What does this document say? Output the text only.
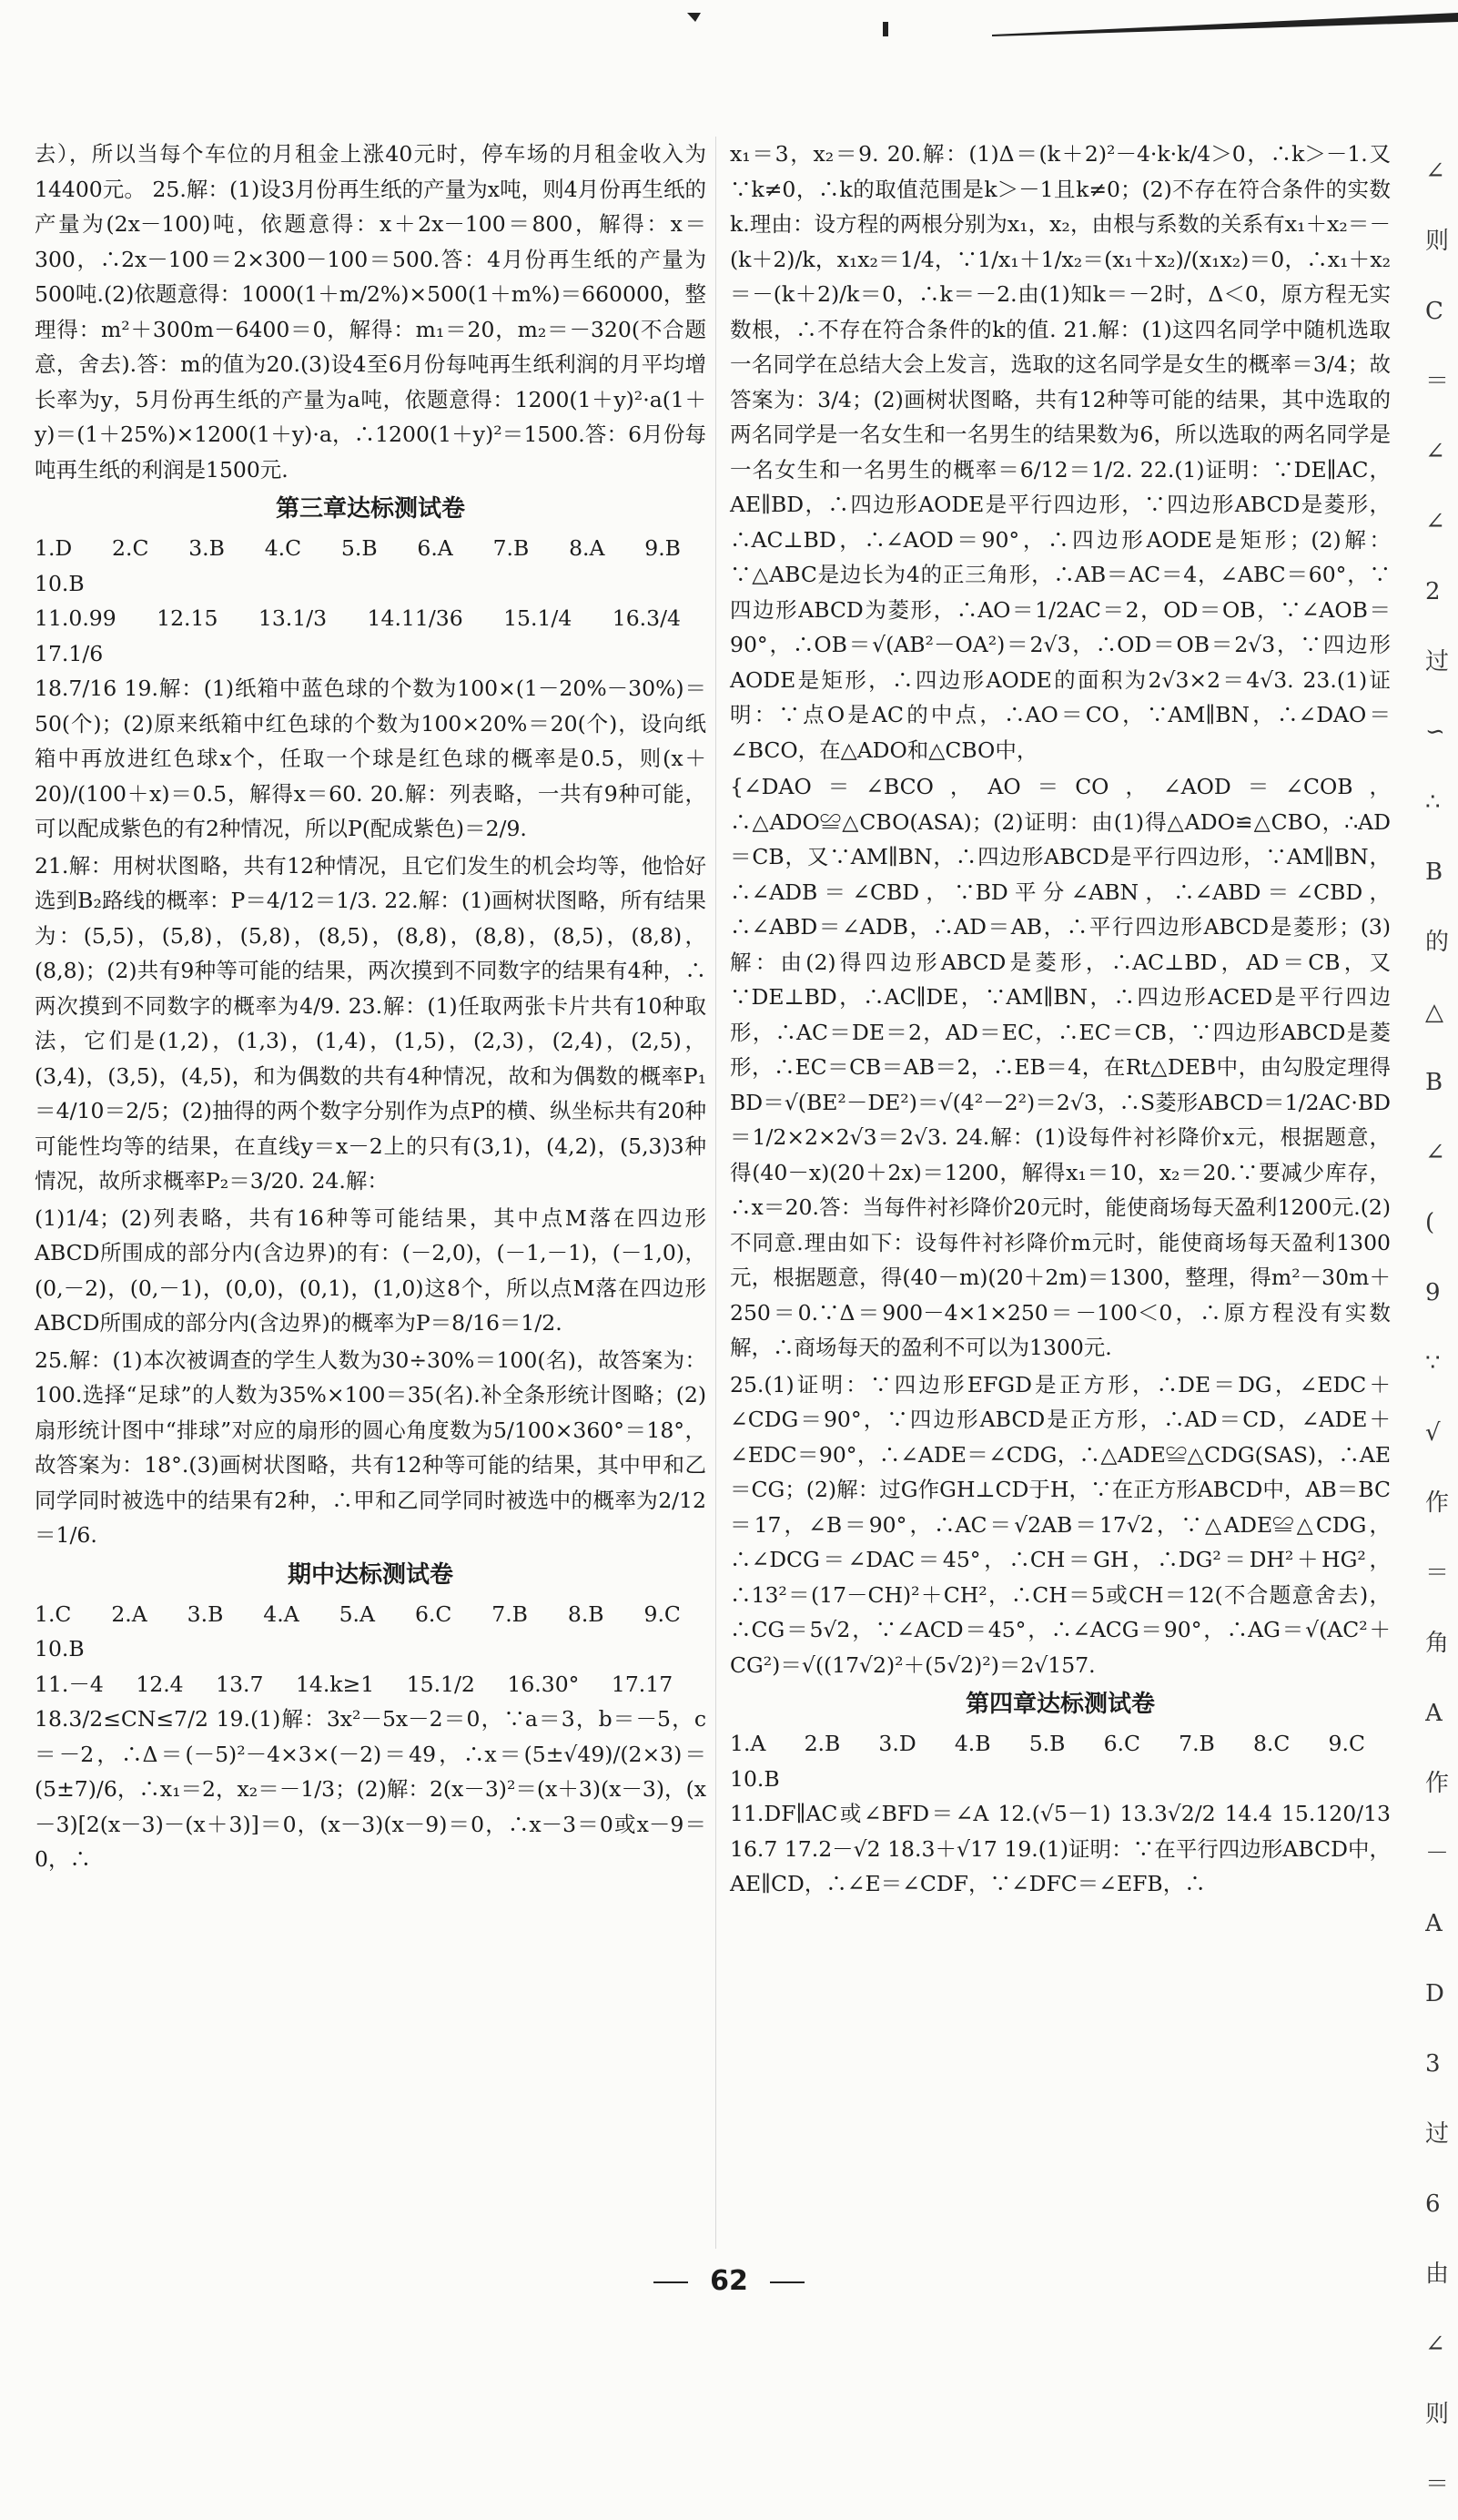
去），所以当每个车位的月租金上涨40元时，停车场的月租金收入为14400元。 25.解：(1)设3月份再生纸的产量为x吨，则4月份再生纸的产量为(2x－100)吨，依题意得：x＋2x－100＝800，解得：x＝300，∴2x－100＝2×300－100＝500.答：4月份再生纸的产量为500吨.(2)依题意得：1000(1＋m/2%)×500(1＋m%)＝660000，整理得：m²＋300m－6400＝0，解得：m₁＝20，m₂＝－320(不合题意，舍去).答：m的值为20.(3)设4至6月份每吨再生纸利润的月平均增长率为y，5月份再生纸的产量为a吨，依题意得：1200(1＋y)²·a(1＋y)＝(1＋25%)×1200(1＋y)·a，∴1200(1＋y)²＝1500.答：6月份每吨再生纸的利润是1500元.

第三章达标测试卷

1.D 2.C 3.B 4.C 5.B 6.A 7.B 8.A 9.B 10.B

11.0.99 12.15 13.1/3 14.11/36 15.1/4 16.3/4 17.1/6

18.7/16 19.解：(1)纸箱中蓝色球的个数为100×(1－20%－30%)＝50(个)；(2)原来纸箱中红色球的个数为100×20%＝20(个)，设向纸箱中再放进红色球x个，任取一个球是红色球的概率是0.5，则(x＋20)/(100＋x)＝0.5，解得x＝60. 20.解：列表略，一共有9种可能，可以配成紫色的有2种情况，所以P(配成紫色)＝2/9.

21.解：用树状图略，共有12种情况，且它们发生的机会均等，他恰好选到B₂路线的概率：P＝4/12＝1/3. 22.解：(1)画树状图略，所有结果为：(5,5)，(5,8)，(5,8)，(8,5)，(8,8)，(8,8)，(8,5)，(8,8)，(8,8)；(2)共有9种等可能的结果，两次摸到不同数字的结果有4种，∴两次摸到不同数字的概率为4/9. 23.解：(1)任取两张卡片共有10种取法，它们是(1,2)，(1,3)，(1,4)，(1,5)，(2,3)，(2,4)，(2,5)，(3,4)，(3,5)，(4,5)，和为偶数的共有4种情况，故和为偶数的概率P₁＝4/10＝2/5；(2)抽得的两个数字分别作为点P的横、纵坐标共有20种可能性均等的结果，在直线y＝x－2上的只有(3,1)，(4,2)，(5,3)3种情况，故所求概率P₂＝3/20. 24.解：

(1)1/4；(2)列表略，共有16种等可能结果，其中点M落在四边形ABCD所围成的部分内(含边界)的有：(－2,0)，(－1,－1)，(－1,0)，(0,－2)，(0,－1)，(0,0)，(0,1)，(1,0)这8个，所以点M落在四边形ABCD所围成的部分内(含边界)的概率为P＝8/16＝1/2.

25.解：(1)本次被调查的学生人数为30÷30%＝100(名)，故答案为：100.选择“足球”的人数为35%×100＝35(名).补全条形统计图略；(2)扇形统计图中“排球”对应的扇形的圆心角度数为5/100×360°＝18°，故答案为：18°.(3)画树状图略，共有12种等可能的结果，其中甲和乙同学同时被选中的结果有2种，∴甲和乙同学同时被选中的概率为2/12＝1/6.

期中达标测试卷

1.C 2.A 3.B 4.A 5.A 6.C 7.B 8.B 9.C 10.B

11.－4 12.4 13.7 14.k≥1 15.1/2 16.30° 17.17

18.3/2≤CN≤7/2 19.(1)解：3x²－5x－2＝0，∵a＝3，b＝－5，c＝－2，∴Δ＝(－5)²－4×3×(－2)＝49，∴x＝(5±√49)/(2×3)＝(5±7)/6，∴x₁＝2，x₂＝－1/3；(2)解：2(x－3)²＝(x＋3)(x－3)，(x－3)[2(x－3)－(x＋3)]＝0，(x－3)(x－9)＝0，∴x－3＝0或x－9＝0，∴

x₁＝3，x₂＝9. 20.解：(1)Δ＝(k＋2)²－4·k·k/4＞0，∴k＞－1.又∵k≠0，∴k的取值范围是k＞－1且k≠0；(2)不存在符合条件的实数k.理由：设方程的两根分别为x₁，x₂，由根与系数的关系有x₁＋x₂＝－(k＋2)/k，x₁x₂＝1/4，∵1/x₁＋1/x₂＝(x₁＋x₂)/(x₁x₂)＝0，∴x₁＋x₂＝－(k＋2)/k＝0，∴k＝－2.由(1)知k＝－2时，Δ＜0，原方程无实数根，∴不存在符合条件的k的值. 21.解：(1)这四名同学中随机选取一名同学在总结大会上发言，选取的这名同学是女生的概率＝3/4；故答案为：3/4；(2)画树状图略，共有12种等可能的结果，其中选取的两名同学是一名女生和一名男生的结果数为6，所以选取的两名同学是一名女生和一名男生的概率＝6/12＝1/2. 22.(1)证明：∵DE∥AC，AE∥BD，∴四边形AODE是平行四边形，∵四边形ABCD是菱形，∴AC⊥BD，∴∠AOD＝90°，∴四边形AODE是矩形；(2)解：∵△ABC是边长为4的正三角形，∴AB＝AC＝4，∠ABC＝60°，∵四边形ABCD为菱形，∴AO＝1/2AC＝2，OD＝OB，∵∠AOB＝90°，∴OB＝√(AB²－OA²)＝2√3，∴OD＝OB＝2√3，∵四边形AODE是矩形，∴四边形AODE的面积为2√3×2＝4√3. 23.(1)证明：∵点O是AC的中点，∴AO＝CO，∵AM∥BN，∴∠DAO＝∠BCO，在△ADO和△CBO中，

{∠DAO＝∠BCO，AO＝CO，∠AOD＝∠COB，∴△ADO≌△CBO(ASA)；(2)证明：由(1)得△ADO≌△CBO，∴AD＝CB，又∵AM∥BN，∴四边形ABCD是平行四边形，∵AM∥BN，∴∠ADB＝∠CBD，∵BD平分∠ABN，∴∠ABD＝∠CBD，∴∠ABD＝∠ADB，∴AD＝AB，∴平行四边形ABCD是菱形；(3)解：由(2)得四边形ABCD是菱形，∴AC⊥BD，AD＝CB，又∵DE⊥BD，∴AC∥DE，∵AM∥BN，∴四边形ACED是平行四边形，∴AC＝DE＝2，AD＝EC，∴EC＝CB，∵四边形ABCD是菱形，∴EC＝CB＝AB＝2，∴EB＝4，在Rt△DEB中，由勾股定理得BD＝√(BE²－DE²)＝√(4²－2²)＝2√3，∴S菱形ABCD＝1/2AC·BD＝1/2×2×2√3＝2√3. 24.解：(1)设每件衬衫降价x元，根据题意，得(40－x)(20＋2x)＝1200，解得x₁＝10，x₂＝20.∵要减少库存，∴x＝20.答：当每件衬衫降价20元时，能使商场每天盈利1200元.(2)不同意.理由如下：设每件衬衫降价m元时，能使商场每天盈利1300元，根据题意，得(40－m)(20＋2m)＝1300，整理，得m²－30m＋250＝0.∵Δ＝900－4×1×250＝－100＜0，∴原方程没有实数解，∴商场每天的盈利不可以为1300元.

25.(1)证明：∵四边形EFGD是正方形，∴DE＝DG，∠EDC＋∠CDG＝90°，∵四边形ABCD是正方形，∴AD＝CD，∠ADE＋∠EDC＝90°，∴∠ADE＝∠CDG，∴△ADE≌△CDG(SAS)，∴AE＝CG；(2)解：过G作GH⊥CD于H，∵在正方形ABCD中，AB＝BC＝17，∠B＝90°，∴AC＝√2AB＝17√2，∵△ADE≌△CDG，∴∠DCG＝∠DAC＝45°，∴CH＝GH，∴DG²＝DH²＋HG²，∴13²＝(17－CH)²＋CH²，∴CH＝5或CH＝12(不合题意舍去)，∴CG＝5√2，∵∠ACD＝45°，∴∠ACG＝90°，∴AG＝√(AC²＋CG²)＝√((17√2)²＋(5√2)²)＝2√157.

第四章达标测试卷

1.A 2.B 3.D 4.B 5.B 6.C 7.B 8.C 9.C 10.B

11.DF∥AC或∠BFD＝∠A 12.(√5－1) 13.3√2/2 14.4 15.120/13 16.7 17.2－√2 18.3＋√17 19.(1)证明：∵在平行四边形ABCD中，AE∥CD，∴∠E＝∠CDF，∵∠DFC＝∠EFB，∴

∠
则
C
＝
∠
∠
2
过
∽
∴
B
的
△
B
∠
(
9
∵
√
作
＝
角
A
作
－
A
D
3
过
6
由
∠
则
＝
62
